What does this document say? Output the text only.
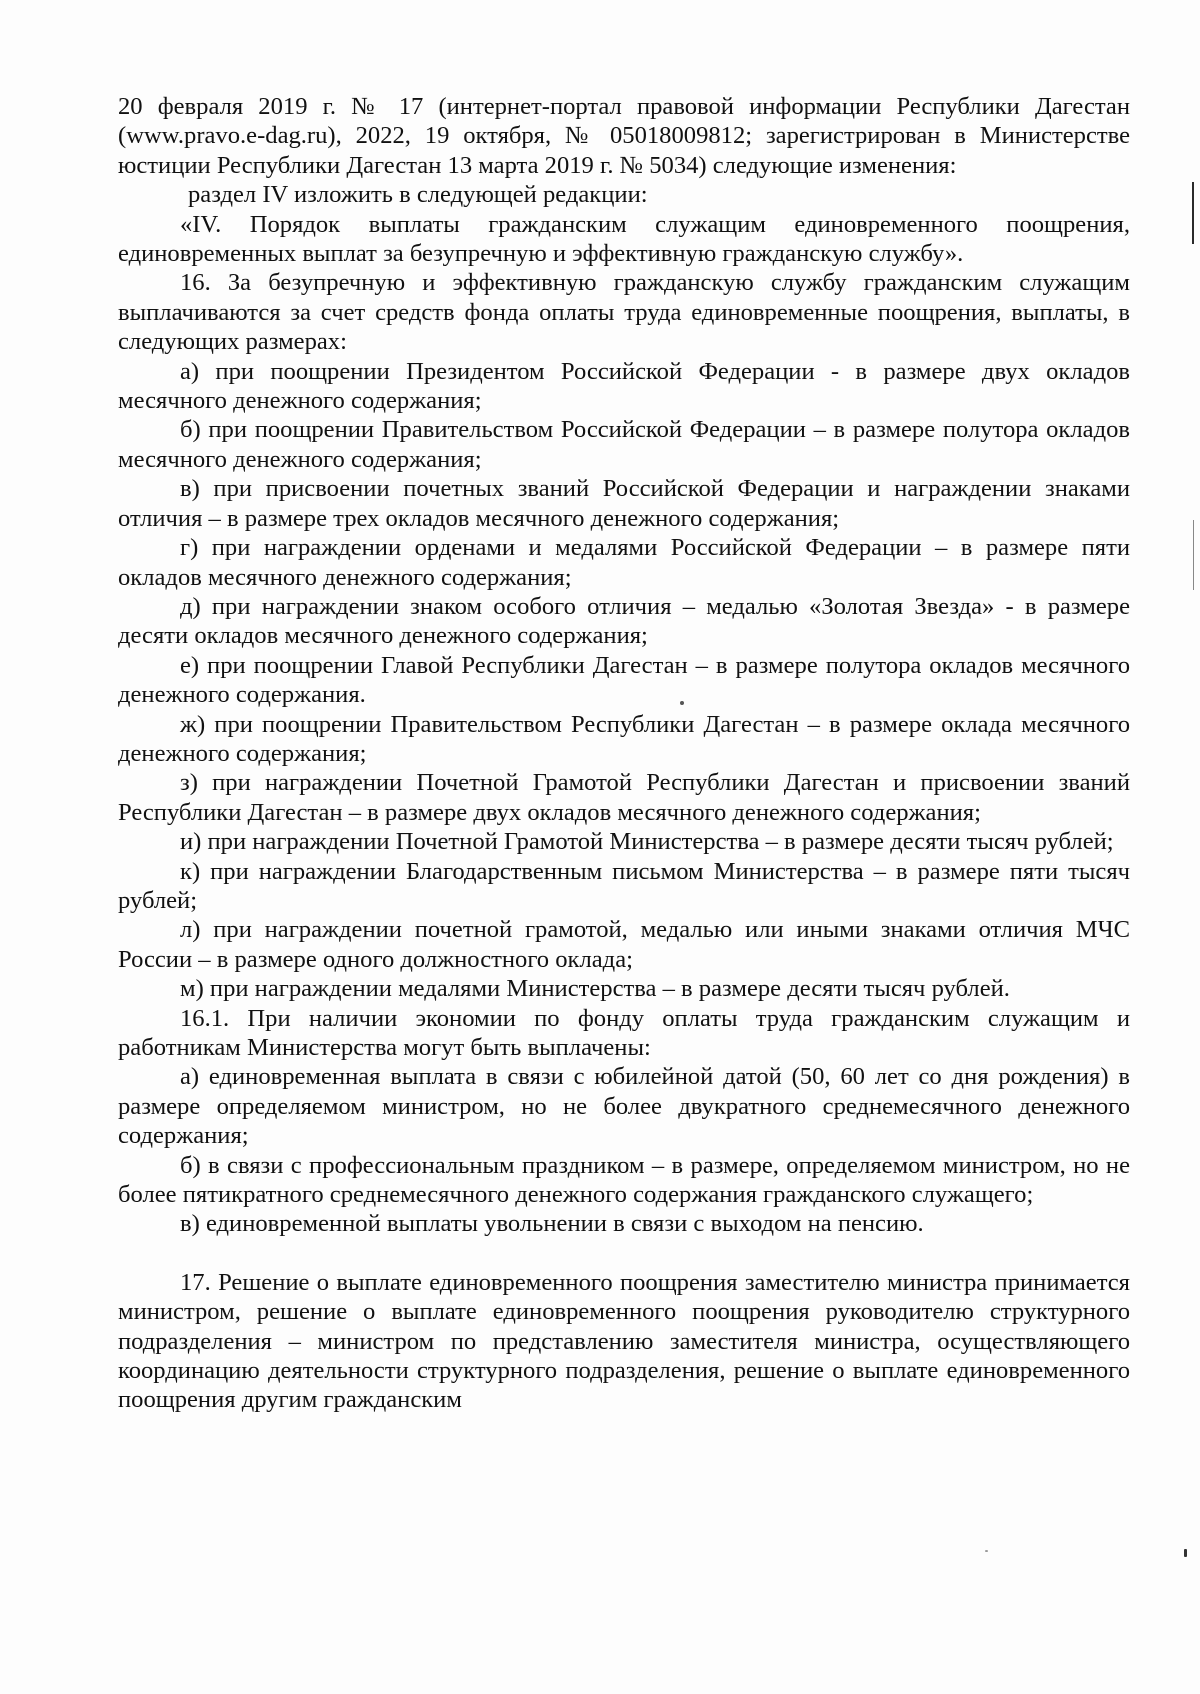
20 февраля 2019 г. № 17 (интернет-портал правовой информации Республики Дагестан (www.pravo.e-dag.ru), 2022, 19 октября, № 05018009812; зарегистрирован в Министерстве юстиции Республики Дагестан 13 марта 2019 г. № 5034) следующие изменения:

раздел IV изложить в следующей редакции:

«IV. Порядок выплаты гражданским служащим единовременного поощрения, единовременных выплат за безупречную и эффективную гражданскую службу».

16. За безупречную и эффективную гражданскую службу гражданским служащим выплачиваются за счет средств фонда оплаты труда единовременные поощрения, выплаты, в следующих размерах:

а) при поощрении Президентом Российской Федерации - в размере двух окладов месячного денежного содержания;

б) при поощрении Правительством Российской Федерации – в размере полутора окладов месячного денежного содержания;

в) при присвоении почетных званий Российской Федерации и награждении знаками отличия – в размере трех окладов месячного денежного содержания;

г) при награждении орденами и медалями Российской Федерации – в размере пяти окладов месячного денежного содержания;

д) при награждении знаком особого отличия – медалью «Золотая Звезда» - в размере десяти окладов месячного денежного содержания;

е) при поощрении Главой Республики Дагестан – в размере полутора окладов месячного денежного содержания.

ж) при поощрении Правительством Республики Дагестан – в размере оклада месячного денежного содержания;

з) при награждении Почетной Грамотой Республики Дагестан и присвоении званий Республики Дагестан – в размере двух окладов месячного денежного содержания;

и) при награждении Почетной Грамотой Министерства – в размере десяти тысяч рублей;

к) при награждении Благодарственным письмом Министерства – в размере пяти тысяч рублей;

л) при награждении почетной грамотой, медалью или иными знаками отличия МЧС России – в размере одного должностного оклада;

м) при награждении медалями Министерства – в размере десяти тысяч рублей.

16.1. При наличии экономии по фонду оплаты труда гражданским служащим и работникам Министерства могут быть выплачены:

а) единовременная выплата в связи с юбилейной датой (50, 60 лет со дня рождения) в размере определяемом министром, но не более двукратного среднемесячного денежного содержания;

б) в связи с профессиональным праздником – в размере, определяемом министром, но не более пятикратного среднемесячного денежного содержания гражданского служащего;

в) единовременной выплаты увольнении в связи с выходом на пенсию.

17. Решение о выплате единовременного поощрения заместителю министра принимается министром, решение о выплате единовременного поощрения руководителю структурного подразделения – министром по представлению заместителя министра, осуществляющего координацию деятельности структурного подразделения, решение о выплате единовременного поощрения другим гражданским
